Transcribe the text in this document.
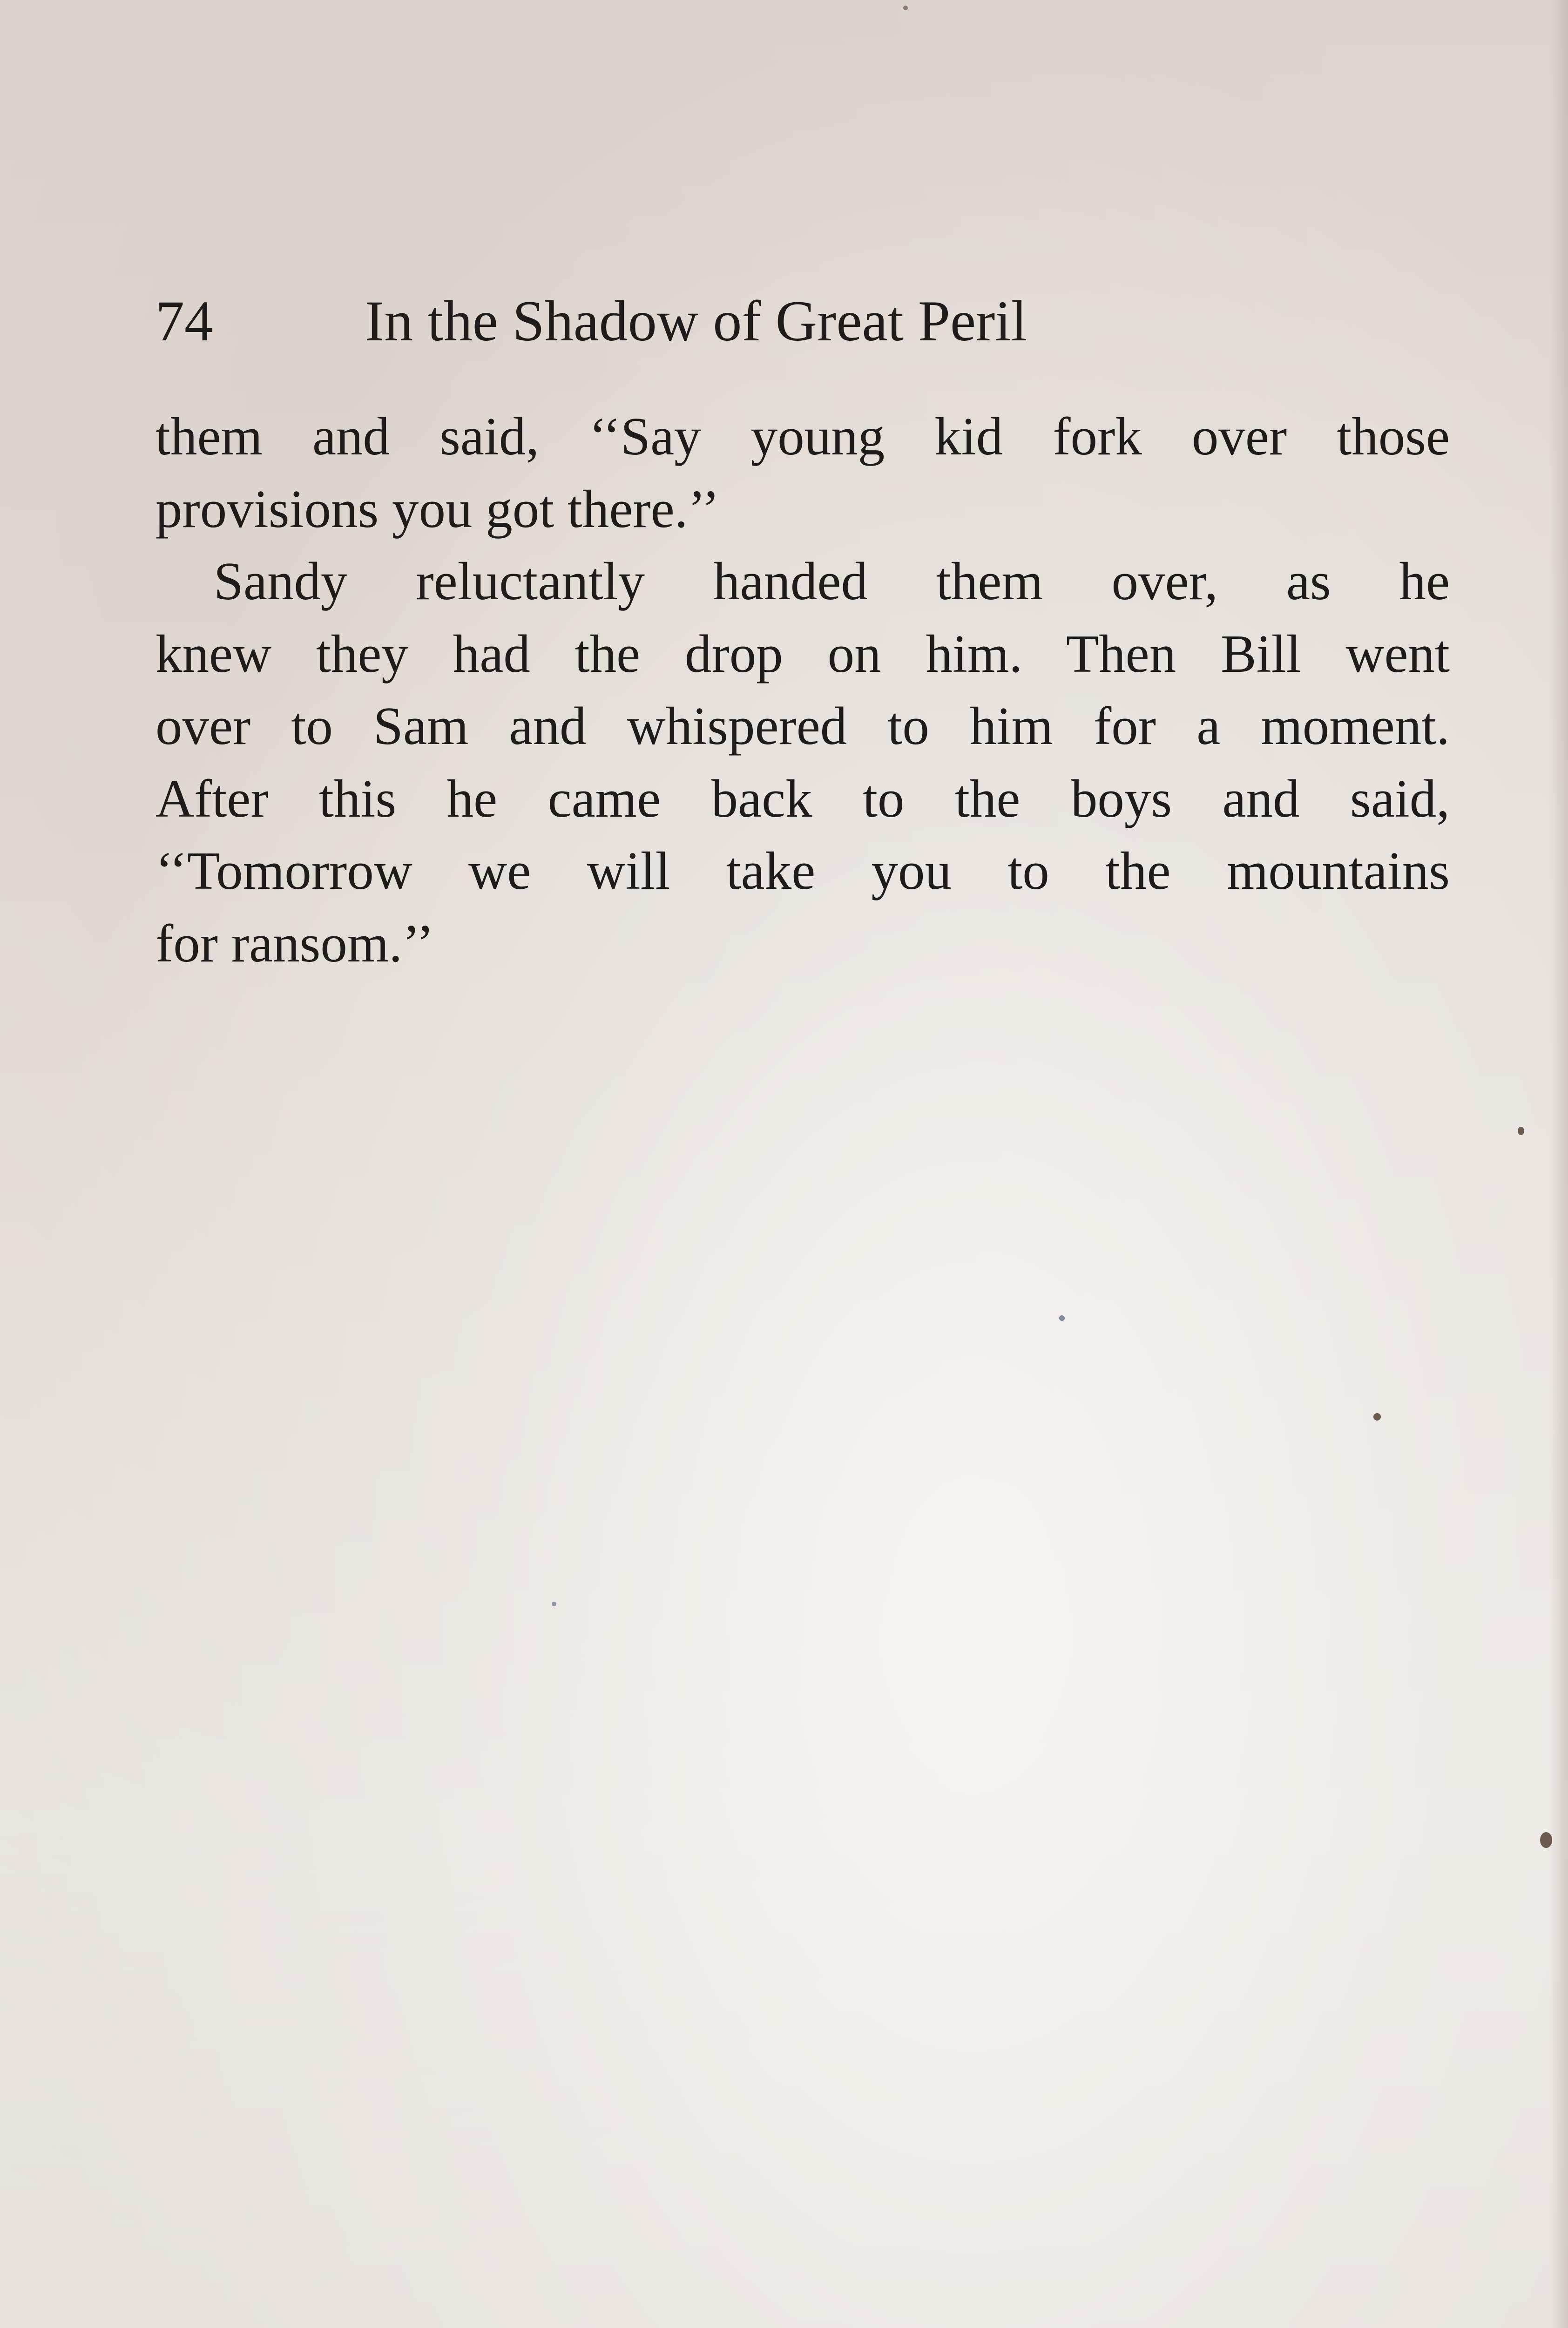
74	In the Shadow of Great Peril
them and said, ‘‘Say young kid fork over those
provisions you got there.’’
Sandy reluctantly handed them over, as he
knew they had the drop on him. Then Bill went
over to Sam and whispered to him for a moment.
After this he came back to the boys and said,
‘‘Tomorrow we will take you to the mountains
for ransom.’’
